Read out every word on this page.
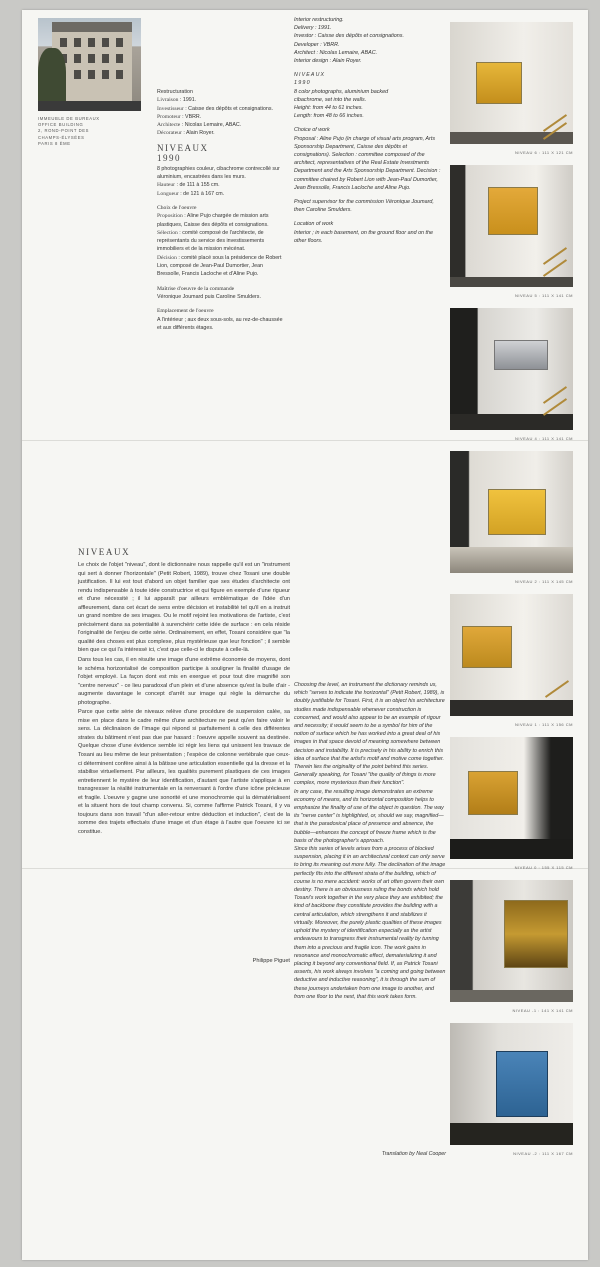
IMMEUBLE DE BUREAUX
OFFICE BUILDING
2, ROND-POINT DES
CHAMPS-ÉLYSÉES
PARIS 8 ÈME
Restructuration
Livraison : 1991.
Investisseur : Caisse des dépôts et consignations.
Promoteur : VBRR.
Architecte : Nicolas Lemaire, ABAC.
Décorateur : Alain Royer.
NIVEAUX
1990
8 photographies couleur, cibachrome contrecollé sur aluminium, encastrées dans les murs.
Hauteur : de 111 à 155 cm.
Longueur : de 121 à 167 cm.
Choix de l'oeuvre
Proposition : Aline Pujo chargée de mission arts plastiques, Caisse des dépôts et consignations.
Sélection : comité composé de l'architecte, de représentants du service des investissements immobiliers et de la mission mécénat.
Décision : comité placé sous la présidence de Robert Lion, composé de Jean-Paul Dumortier, Jean Bressolle, Francis Lacloche et d'Aline Pujo.
Maîtrise d'oeuvre de la commande
Véronique Joumard puis Caroline Smulders.
Emplacement de l'oeuvre
A l'intérieur ; aux deux sous-sols, au rez-de-chaussée et aux différents étages.
Interior restructuring.
Delivery : 1991.
Investor : Caisse des dépôts et consignations.
Developer : VBRR.
Architect : Nicolas Lemaire, ABAC.
Interior design : Alain Royer.
NIVEAUX
1990
8 color photographs, aluminium backed
cibachrome, set into the walls.
Height: from 44 to 61 inches.
Length: from 48 to 66 inches.
Choice of work
Proposal : Aline Pujo (in charge of visual arts program, Arts Sponsorship Department, Caisse des dépôts et consignations). Selection : committee composed of the architect, representatives of the Real Estate Investments Department and the Arts Sponsorship Department. Decision : committee chaired by Robert Lion with Jean-Paul Dumortier, Jean Bressolle, Francis Lacloche and Aline Pujo.
Project supervisor for the commission Véronique Joumard, then Caroline Smulders.
Location of work
Interior ; in each basement, on the ground floor and on the other floors.
NIVEAU 6 : 111 X 121 CM
NIVEAU 5 : 111 X 141 CM
NIVEAU 4 : 111 X 141 CM
NIVEAU 2 : 111 X 145 CM
NIVEAU 1 : 111 X 156 CM
NIVEAU 0 : 155 X 115 CM
NIVEAU -1 : 141 X 141 CM
NIVEAU -2 : 111 X 167 CM
NIVEAUX

Le choix de l'objet "niveau", dont le dictionnaire nous rappelle qu'il est un "instrument qui sert à donner l'horizontale" (Petit Robert, 1989), trouve chez Tosani une double justification. Il lui est tout d'abord un objet familier que ses études d'architecte ont rendu indispensable à toute idée constructrice et qui figure en exemple d'une rigueur et d'une nécessité ; il lui apparaît par ailleurs emblématique de l'idée d'un affleurement, dans cet écart de sens entre décision et instabilité tel qu'il en a instruit un grand nombre de ses images. Ou le motif rejoint les motivations de l'artiste, c'est précisément dans sa potentialité à surenchérir cette idée de surface : en cela réside l'originalité de l'enjeu de cette série. Ordinairement, en effet, Tosani considère que "la qualité des choses est plus complexe, plus mystérieuse que leur fonction" ; il semble bien que ce qui l'a intéressé ici, c'est que celle-ci le dispute à celle-là.

Dans tous les cas, il en résulte une image d'une extrême économie de moyens, dont le schéma horizontalisé de composition participe à souligner la finalité d'usage de l'objet employé. La façon dont est mis en exergue et pour tout dire magnifié son "centre nerveux" - ce lieu paradoxal d'un plein et d'une absence qu'est la bulle d'air - augmente davantage le concept d'arrêt sur image qui règle la démarche du photographe.

Parce que cette série de niveaux relève d'une procédure de suspension calée, sa mise en place dans le cadre même d'une architecture ne peut qu'en faire valoir le sens. La déclinaison de l'image qui répond si parfaitement à celle des différentes strates du bâtiment n'est pas due par hasard : l'oeuvre appelle souvent sa destinée. Quelque chose d'une évidence semble ici régir les liens qui unissent les travaux de Tosani au lieu même de leur présentation ; l'espèce de colonne vertébrale que ceux-ci déterminent confère ainsi à la bâtisse une articulation essentielle qui la dresse et la stabilise virtuellement. Par ailleurs, les qualités purement plastiques de ces images entretiennent le mystère de leur identification, d'autant que l'artiste s'applique à en transgresser la réalité instrumentale en la renversant à l'ordre d'une icône précieuse et fragile. L'oeuvre y gagne une sonorité et une monochromie qui la dématérialisent et la situent hors de tout champ convenu. Si, comme l'affirme Patrick Tosani, il y va toujours dans son travail "d'un aller-retour entre déduction et induction", c'est de la somme des trajets effectués d'une image et d'un étage à l'autre que l'oeuvre ici se constitue.

Philippe Piguet

Choosing the level, an instrument the dictionary reminds us, which "serves to indicate the horizontal" (Petit Robert, 1989), is doubly justifiable for Tosani. First, it is an object his architecture studies made indispensable whenever construction is concerned, and would also appear to be an example of rigour and necessity; it would seem to be a symbol for him of the notion of surface which he has worked into a great deal of his images in that space devoid of meaning somewhere between decision and instability. It is precisely in his ability to enrich this idea of surface that the artist's motif and motive come together. Therein lies the originality of the point behind this series. Generally speaking, for Tosani "the quality of things is more complex, more mysterious than their function".

In any case, the resulting image demonstrates an extreme economy of means, and its horizontal composition helps to emphasize the finality of use of the object in question. The way its "nerve center" is highlighted, or, should we say, magnified—that is the paradoxical place of presence and absence, the bubble—enhances the concept of freeze frame which is the basis of the photographer's approach.

Since this series of levels arises from a process of blocked suspension, placing it in an architectural context can only serve to bring its meaning out more fully. The declination of the image perfectly fits into the different strata of the building, which of course is no mere accident: works of art often govern their own destiny. There is an obviousness ruling the bonds which hold Tosani's work together in the very place they are exhibited; the kind of backbone they constitute provides the building with a central articulation, which strengthens it and stabilizes it virtually. Moreover, the purely plastic qualities of these images uphold the mystery of identification especially as the artist endeavours to transgress their instrumental reality by turning them into a precious and fragile icon. The work gains in resonance and monochromatic effect, dematerializing it and placing it beyond any conventional field. If, as Patrick Tosani asserts, his work always involves "a coming and going between deductive and inductive reasoning", it is through the sum of these journeys undertaken from one image to another, and from one floor to the next, that this work takes form.

Translation by Neal Cooper
